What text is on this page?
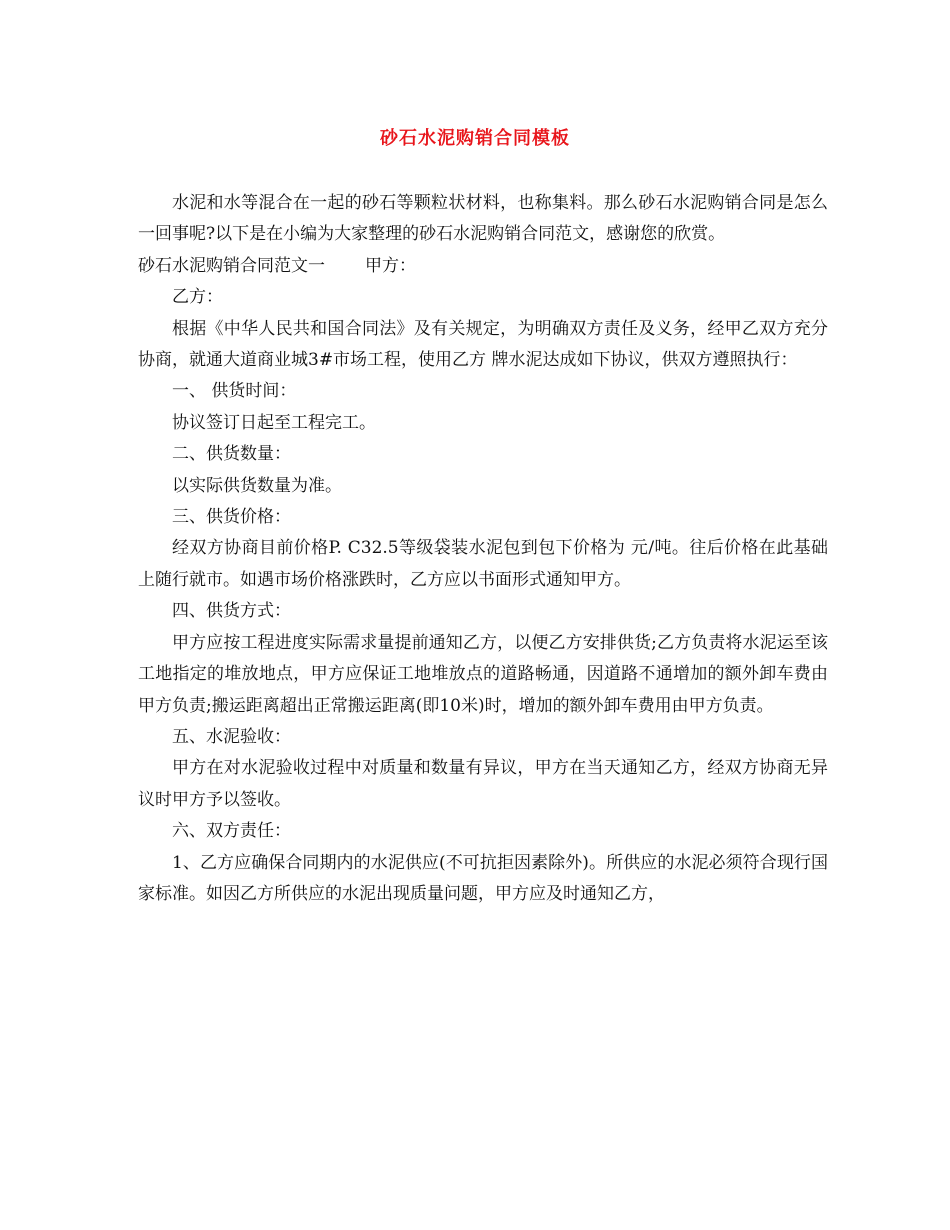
砂石水泥购销合同模板

水泥和水等混合在一起的砂石等颗粒状材料，也称集料。那么砂石水泥购销合同是怎么一回事呢?以下是在小编为大家整理的砂石水泥购销合同范文，感谢您的欣赏。

砂石水泥购销合同范文一 甲方：

乙方：

根据《中华人民共和国合同法》及有关规定，为明确双方责任及义务，经甲乙双方充分协商，就通大道商业城3#市场工程，使用乙方 牌水泥达成如下协议，供双方遵照执行：

一、 供货时间：

协议签订日起至工程完工。

二、供货数量：

以实际供货数量为准。

三、供货价格：

经双方协商目前价格P. C32.5等级袋装水泥包到包下价格为 元/吨。往后价格在此基础上随行就市。如遇市场价格涨跌时，乙方应以书面形式通知甲方。

四、供货方式：

甲方应按工程进度实际需求量提前通知乙方，以便乙方安排供货;乙方负责将水泥运至该工地指定的堆放地点，甲方应保证工地堆放点的道路畅通，因道路不通增加的额外卸车费由甲方负责;搬运距离超出正常搬运距离(即10米)时，增加的额外卸车费用由甲方负责。

五、水泥验收：

甲方在对水泥验收过程中对质量和数量有异议，甲方在当天通知乙方，经双方协商无异议时甲方予以签收。

六、双方责任：

1、乙方应确保合同期内的水泥供应(不可抗拒因素除外)。所供应的水泥必须符合现行国家标准。如因乙方所供应的水泥出现质量问题，甲方应及时通知乙方，
